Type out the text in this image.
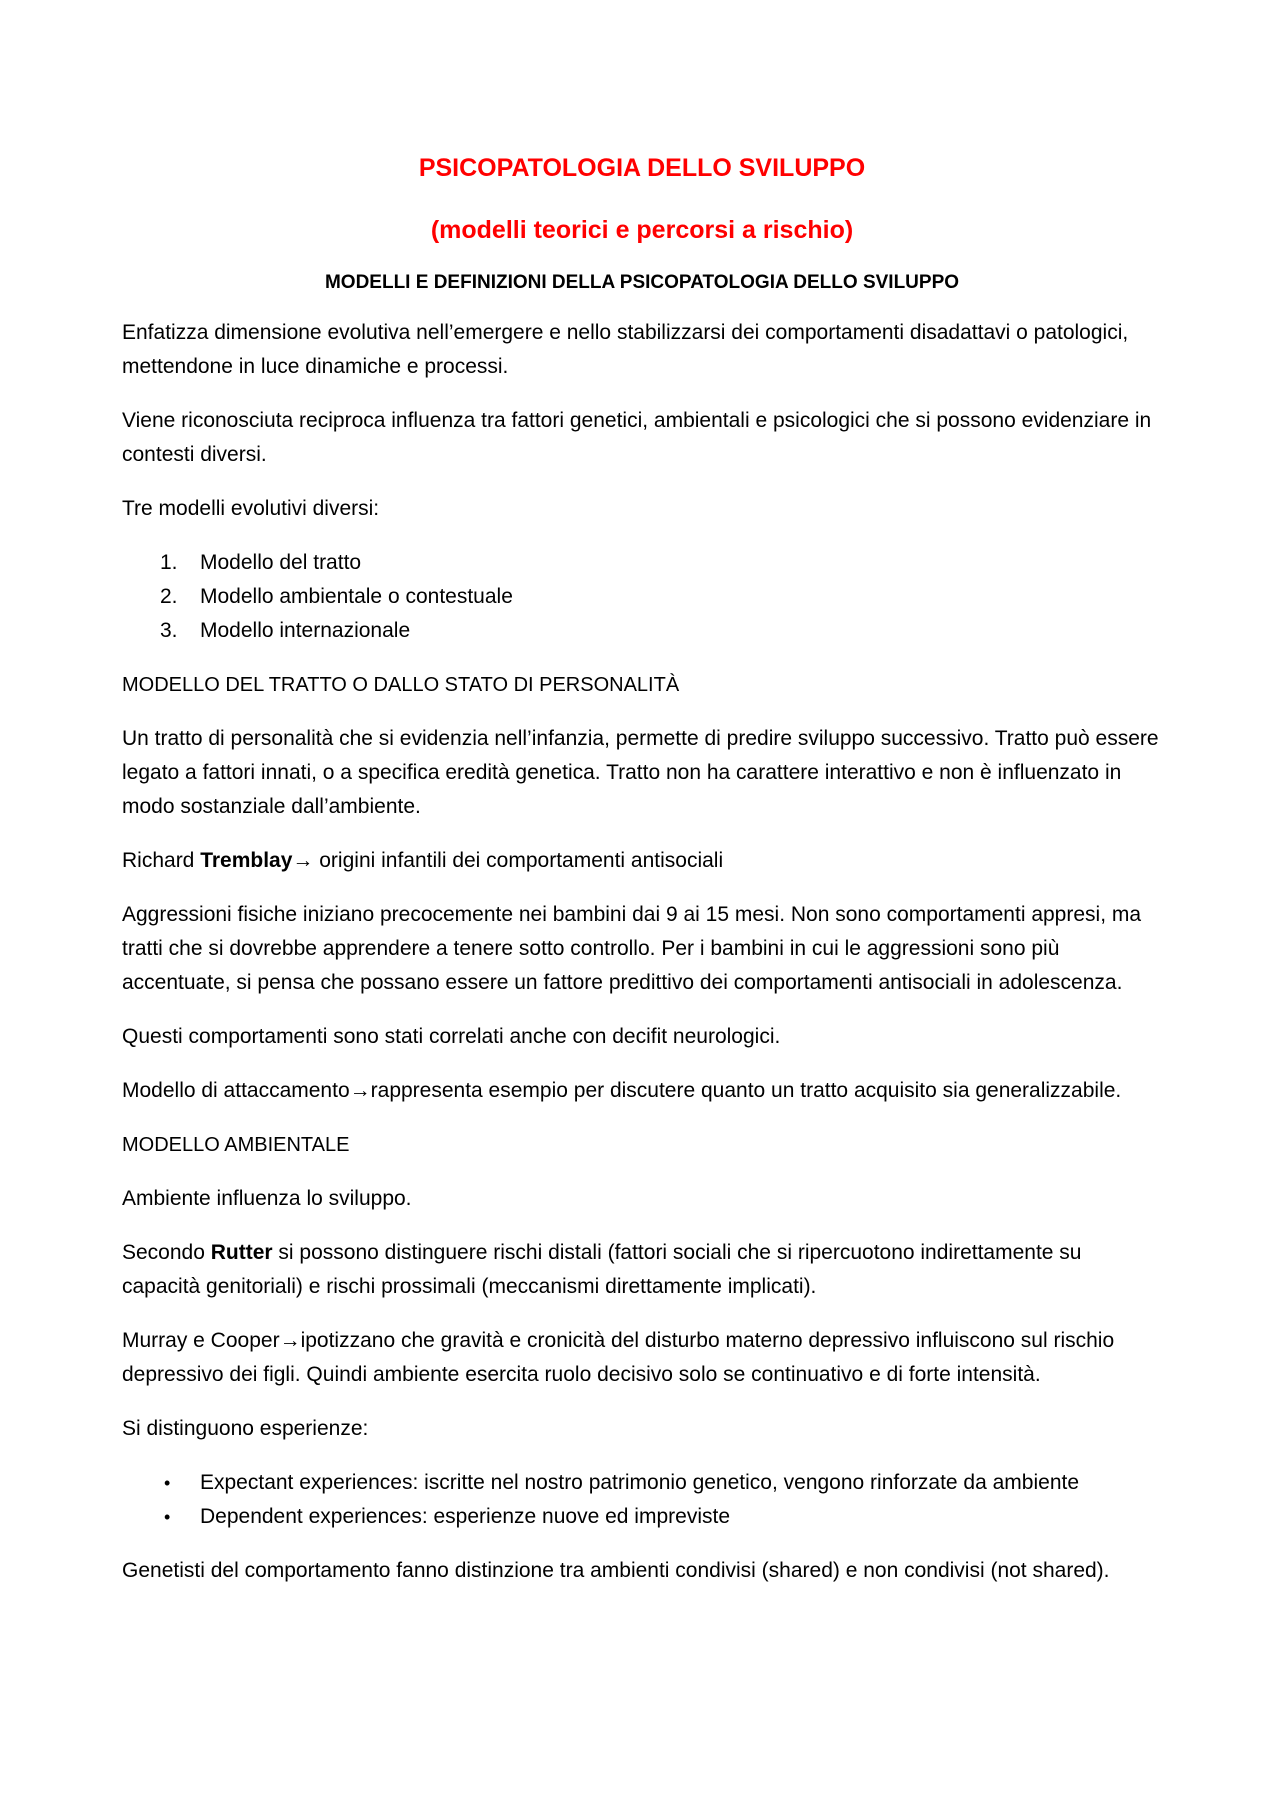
PSICOPATOLOGIA DELLO SVILUPPO
(modelli teorici e percorsi a rischio)
MODELLI E DEFINIZIONI DELLA PSICOPATOLOGIA DELLO SVILUPPO

Enfatizza dimensione evolutiva nell’emergere e nello stabilizzarsi dei comportamenti disadattavi o patologici, mettendone in luce dinamiche e processi.

Viene riconosciuta reciproca influenza tra fattori genetici, ambientali e psicologici che si possono evidenziare in contesti diversi.

Tre modelli evolutivi diversi:

1. Modello del tratto
2. Modello ambientale o contestuale
3. Modello internazionale
MODELLO DEL TRATTO O DALLO STATO DI PERSONALITÀ

Un tratto di personalità che si evidenzia nell’infanzia, permette di predire sviluppo successivo. Tratto può essere legato a fattori innati, o a specifica eredità genetica. Tratto non ha carattere interattivo e non è influenzato in modo sostanziale dall’ambiente.

Richard Tremblay→ origini infantili dei comportamenti antisociali

Aggressioni fisiche iniziano precocemente nei bambini dai 9 ai 15 mesi. Non sono comportamenti appresi, ma tratti che si dovrebbe apprendere a tenere sotto controllo. Per i bambini in cui le aggressioni sono più accentuate, si pensa che possano essere un fattore predittivo dei comportamenti antisociali in adolescenza.

Questi comportamenti sono stati correlati anche con decifit neurologici.

Modello di attaccamento→rappresenta esempio per discutere quanto un tratto acquisito sia generalizzabile.

MODELLO AMBIENTALE

Ambiente influenza lo sviluppo.

Secondo Rutter si possono distinguere rischi distali (fattori sociali che si ripercuotono indirettamente su capacità genitoriali) e rischi prossimali (meccanismi direttamente implicati).

Murray e Cooper→ipotizzano che gravità e cronicità del disturbo materno depressivo influiscono sul rischio depressivo dei figli. Quindi ambiente esercita ruolo decisivo solo se continuativo e di forte intensità.

Si distinguono esperienze:

• Expectant experiences: iscritte nel nostro patrimonio genetico, vengono rinforzate da ambiente
• Dependent experiences: esperienze nuove ed impreviste

Genetisti del comportamento fanno distinzione tra ambienti condivisi (shared) e non condivisi (not shared).
